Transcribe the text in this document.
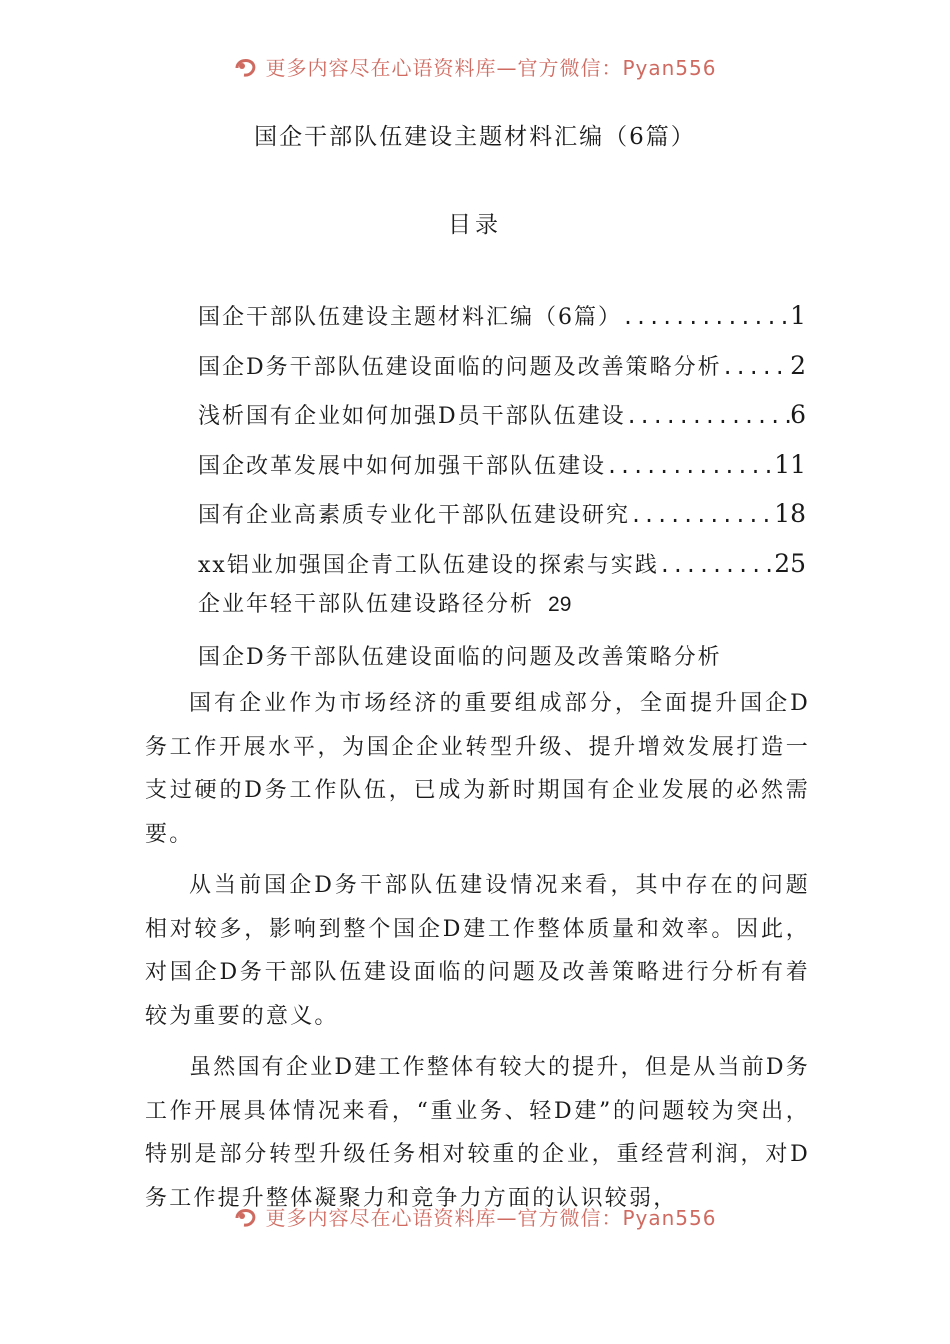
更多内容尽在心语资料库—官方微信：Pyan556
国企干部队伍建设主题材料汇编（6篇）
目录
国企干部队伍建设主题材料汇编（6篇） .....	1
国企D务干部队伍建设面临的问题及改善策略分析 .....	2
浅析国有企业如何加强D员干部队伍建设 .....	6
国企改革发展中如何加强干部队伍建设 .....	11
国有企业高素质专业化干部队伍建设研究 .....	18
xx铝业加强国企青工队伍建设的探索与实践 .....	25
企业年轻干部队伍建设路径分析 29
国企D务干部队伍建设面临的问题及改善策略分析

国有企业作为市场经济的重要组成部分，全面提升国企D务工作开展水平，为国企企业转型升级、提升增效发展打造一支过硬的D务工作队伍，已成为新时期国有企业发展的必然需要。

从当前国企D务干部队伍建设情况来看，其中存在的问题相对较多，影响到整个国企D建工作整体质量和效率。因此，对国企D务干部队伍建设面临的问题及改善策略进行分析有着较为重要的意义。

虽然国有企业D建工作整体有较大的提升，但是从当前D务工作开展具体情况来看，“重业务、轻D建”的问题较为突出，特别是部分转型升级任务相对较重的企业，重经营利润，对D务工作提升整体凝聚力和竞争力方面的认识较弱，

更多内容尽在心语资料库—官方微信：Pyan556
